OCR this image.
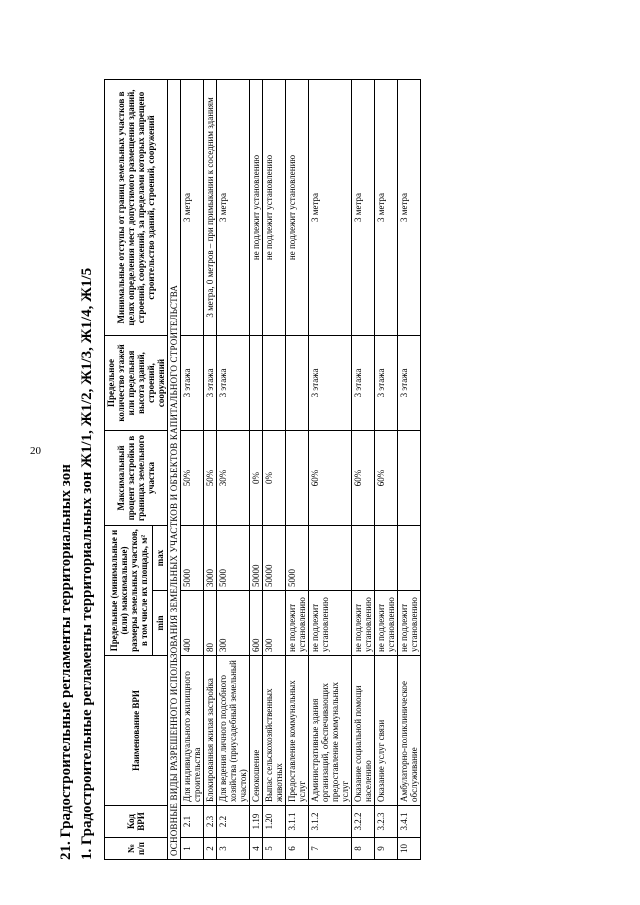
20
21. Градостроительные регламенты территориальных зон 1. Градостроительные регламенты территориальных зон Ж1/1, Ж1/2, Ж1/3, Ж1/4, Ж1/5	№ п/п	Код ВРИ	Наименование ВРИ	Предельные (минимальные и (или) максимальные) размеры земельных участков, в том числе их площадь, м²		Максимальный процент застройки в границах земельного участка	Предельное количество этажей или предельная высота зданий, строений, сооружений	Минимальные отступы от границ земельных участков в целях определения мест допустимого размещения зданий, строений, сооружений, за пределами которых запрещено строительство зданий, строений, сооружений
			min	max			
ОСНОВНЫЕ ВИДЫ РАЗРЕШЕННОГО ИСПОЛЬЗОВАНИЯ ЗЕМЕЛЬНЫХ УЧАСТКОВ И ОБЪЕКТОВ КАПИТАЛЬНОГО СТРОИТЕЛЬСТВА							
1	2.1	Для индивидуального жилищного строительства	400	5000	50%	3 этажа	3 метра
2	2.3	Блокированная жилая застройка	80	3000	50%	3 этажа	3 метра, 0 метров – при примыкании к соседним зданиям
3	2.2	Для ведения личного подсобного хозяйства (приусадебный земельный участок)	300	5000	30%	3 этажа	3 метра
4	1.19	Сенокошение	600	50000	0%		не подлежит установлению
5	1.20	Выпас сельскохозяйственных животных	300	50000	0%		не подлежит установлению
6	3.1.1	Предоставление коммунальных услуг	не подлежит установлению	5000			не подлежит установлению
7	3.1.2	Административные здания организаций, обеспечивающих предоставление коммунальных услуг	не подлежит установлению		60%	3 этажа	3 метра
8	3.2.2	Оказание социальной помощи населению	не подлежит установлению		60%	3 этажа	3 метра
9	3.2.3	Оказание услуг связи	не подлежит установлению		60%	3 этажа	3 метра
10	3.4.1	Амбулаторно-поликлиническое обслуживание	не подлежит установлению			3 этажа	3 метра
